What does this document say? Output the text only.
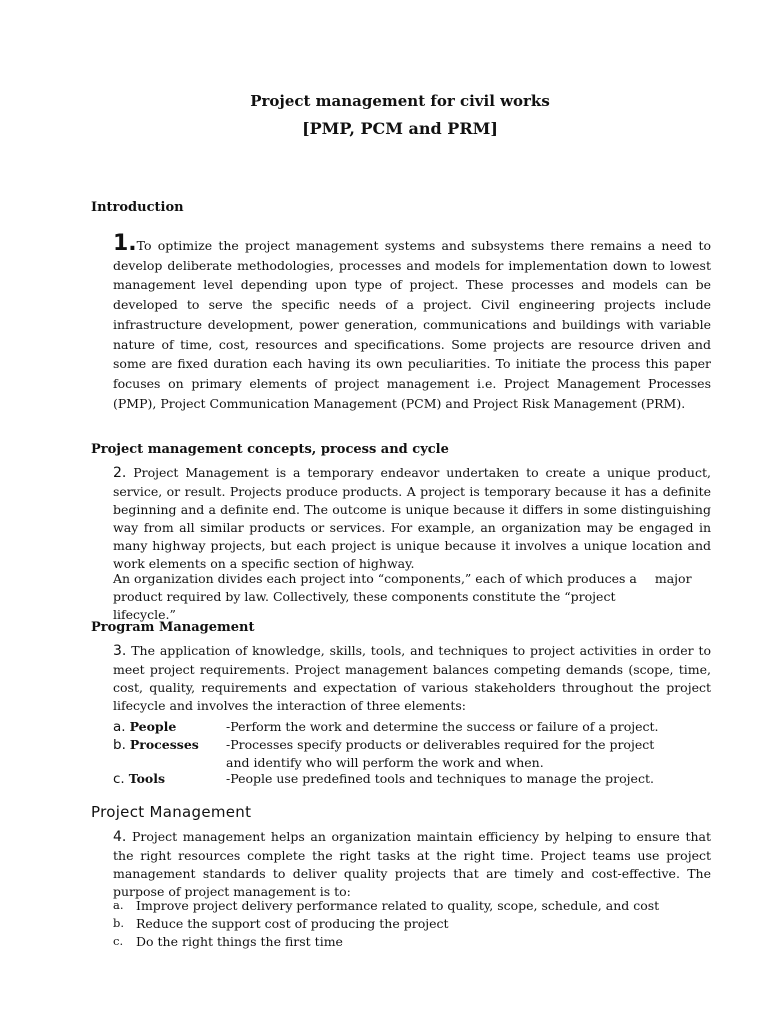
Project management for civil works
[PMP, PCM and PRM]
Introduction
1.To optimize the project management systems and subsystems there remains a need to develop deliberate methodologies, processes and models for implementation down to lowest management level depending upon type of project. These processes and models can be developed to serve the specific needs of a project. Civil engineering projects include infrastructure development, power generation, communications and buildings with variable nature of time, cost, resources and specifications. Some projects are resource driven and some are fixed duration each having its own peculiarities. To initiate the process this paper focuses on primary elements of project management i.e. Project Management Processes (PMP), Project Communication Management (PCM) and Project Risk Management (PRM).
Project management concepts, process and cycle
2. Project Management is a temporary endeavor undertaken to create a unique product, service, or result. Projects produce products. A project is temporary because it has a definite beginning and a definite end. The outcome is unique because it differs in some distinguishing way from all similar products or services. For example, an organization may be engaged in many highway projects, but each project is unique because it involves a unique location and work elements on a specific section of highway.
An organization divides each project into “components,” each of which produces a major
product required by law. Collectively, these components constitute the “projectlifecycle.”
Program Management
3. The application of knowledge, skills, tools, and techniques to project activities in order to meet project requirements. Project management balances competing demands (scope, time, cost, quality, requirements and expectation of various stakeholders throughout the project lifecycle and involves the interaction of three elements:
a. People	-Perform the work and determine the success or failure of a project.
b. Processes -Processes specify products or deliverables required for the project
and identify who will perform the work and when.
c. Tools	-People use predefined tools and techniques to manage the project.
Project Management
4. Project management helps an organization maintain efficiency by helping to ensure that the right resources complete the right tasks at the right time. Project teams use project management standards to deliver quality projects that are timely and cost-effective. The purpose of project management is to:
a. Improve project delivery performance related to quality, scope, schedule, and cost
b. Reduce the support cost of producing the project
c. Do the right things the first time
